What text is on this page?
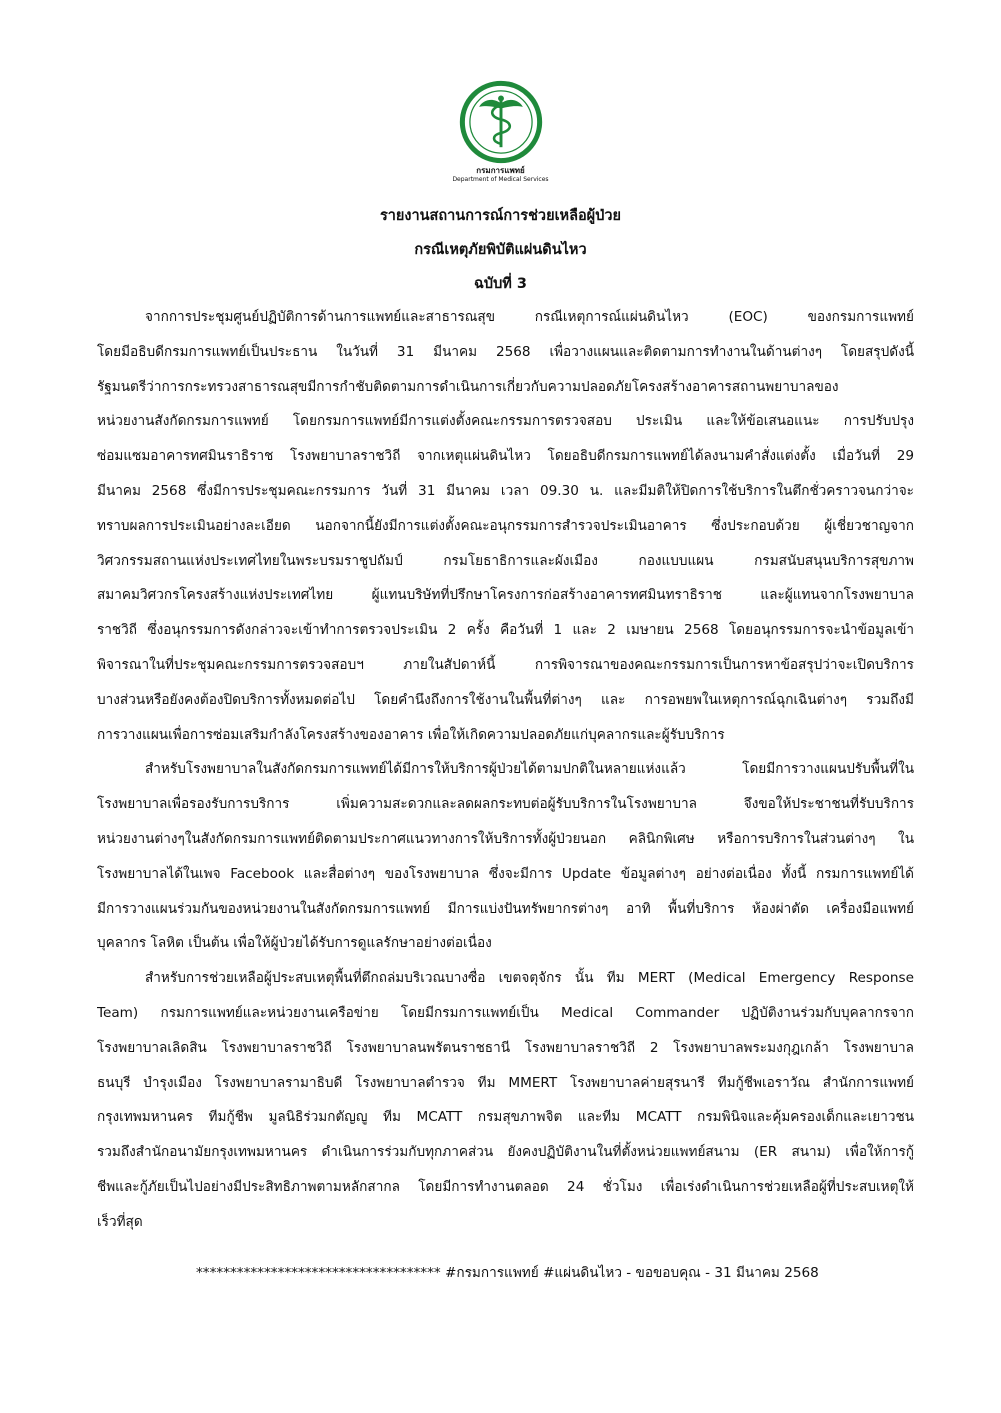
กรมการแพทย์
Department of Medical Services
รายงานสถานการณ์การช่วยเหลือผู้ป่วย
กรณีเหตุภัยพิบัติแผ่นดินไหว
ฉบับที่ 3
จากการประชุมศูนย์ปฏิบัติการด้านการแพทย์และสาธารณสุข กรณีเหตุการณ์แผ่นดินไหว (EOC) ของกรมการแพทย์
โดยมีอธิบดีกรมการแพทย์เป็นประธาน ในวันที่ 31 มีนาคม 2568 เพื่อวางแผนและติดตามการทำงานในด้านต่างๆ โดยสรุปดังนี้
รัฐมนตรีว่าการกระทรวงสาธารณสุขมีการกำชับติดตามการดำเนินการเกี่ยวกับความปลอดภัยโครงสร้างอาคารสถานพยาบาลของ
หน่วยงานสังกัดกรมการแพทย์ โดยกรมการแพทย์มีการแต่งตั้งคณะกรรมการตรวจสอบ ประเมิน และให้ข้อเสนอแนะ การปรับปรุง
ซ่อมแซมอาคารทศมินราธิราช โรงพยาบาลราชวิถี จากเหตุแผ่นดินไหว โดยอธิบดีกรมการแพทย์ได้ลงนามคำสั่งแต่งตั้ง เมื่อวันที่ 29
มีนาคม 2568 ซึ่งมีการประชุมคณะกรรมการ วันที่ 31 มีนาคม เวลา 09.30 น. และมีมติให้ปิดการใช้บริการในตึกชั่วคราวจนกว่าจะ
ทราบผลการประเมินอย่างละเอียด นอกจากนี้ยังมีการแต่งตั้งคณะอนุกรรมการสำรวจประเมินอาคาร ซึ่งประกอบด้วย ผู้เชี่ยวชาญจาก
วิศวกรรมสถานแห่งประเทศไทยในพระบรมราชูปถัมป์ กรมโยธาธิการและผังเมือง กองแบบแผน กรมสนับสนุนบริการสุขภาพ
สมาคมวิศวกรโครงสร้างแห่งประเทศไทย ผู้แทนบริษัทที่ปรึกษาโครงการก่อสร้างอาคารทศมินทราธิราช และผู้แทนจากโรงพยาบาล
ราชวิถี ซึ่งอนุกรรมการดังกล่าวจะเข้าทำการตรวจประเมิน 2 ครั้ง คือวันที่ 1 และ 2 เมษายน 2568 โดยอนุกรรมการจะนำข้อมูลเข้า
พิจารณาในที่ประชุมคณะกรรมการตรวจสอบฯ ภายในสัปดาห์นี้ การพิจารณาของคณะกรรมการเป็นการหาข้อสรุปว่าจะเปิดบริการ
บางส่วนหรือยังคงต้องปิดบริการทั้งหมดต่อไป โดยคำนึงถึงการใช้งานในพื้นที่ต่างๆ และ การอพยพในเหตุการณ์ฉุกเฉินต่างๆ รวมถึงมี
การวางแผนเพื่อการซ่อมเสริมกำลังโครงสร้างของอาคาร เพื่อให้เกิดความปลอดภัยแก่บุคลากรและผู้รับบริการ
สำหรับโรงพยาบาลในสังกัดกรมการแพทย์ได้มีการให้บริการผู้ป่วยได้ตามปกติในหลายแห่งแล้ว โดยมีการวางแผนปรับพื้นที่ใน
โรงพยาบาลเพื่อรองรับการบริการ เพิ่มความสะดวกและลดผลกระทบต่อผู้รับบริการในโรงพยาบาล จึงขอให้ประชาชนที่รับบริการ
หน่วยงานต่างๆในสังกัดกรมการแพทย์ติดตามประกาศแนวทางการให้บริการทั้งผู้ป่วยนอก คลินิกพิเศษ หรือการบริการในส่วนต่างๆ ใน
โรงพยาบาลได้ในเพจ Facebook และสื่อต่างๆ ของโรงพยาบาล ซึ่งจะมีการ Update ข้อมูลต่างๆ อย่างต่อเนื่อง ทั้งนี้ กรมการแพทย์ได้
มีการวางแผนร่วมกันของหน่วยงานในสังกัดกรมการแพทย์ มีการแบ่งปันทรัพยากรต่างๆ อาทิ พื้นที่บริการ ห้องผ่าตัด เครื่องมือแพทย์
บุคลากร โลหิต เป็นต้น เพื่อให้ผู้ป่วยได้รับการดูแลรักษาอย่างต่อเนื่อง
สำหรับการช่วยเหลือผู้ประสบเหตุพื้นที่ตึกถล่มบริเวณบางซื่อ เขตจตุจักร นั้น ทีม MERT (Medical Emergency Response
Team) กรมการแพทย์และหน่วยงานเครือข่าย โดยมีกรมการแพทย์เป็น Medical Commander ปฏิบัติงานร่วมกับบุคลากรจาก
โรงพยาบาลเลิดสิน โรงพยาบาลราชวิถี โรงพยาบาลนพรัตนราชธานี โรงพยาบาลราชวิถี 2 โรงพยาบาลพระมงกุฎเกล้า โรงพยาบาล
ธนบุรี บำรุงเมือง โรงพยาบาลรามาธิบดี โรงพยาบาลตำรวจ ทีม MMERT โรงพยาบาลค่ายสุรนารี ทีมกู้ชีพเอราวัณ สำนักการแพทย์
กรุงเทพมหานคร ทีมกู้ชีพ มูลนิธิร่วมกตัญญู ทีม MCATT กรมสุขภาพจิต และทีม MCATT กรมพินิจและคุ้มครองเด็กและเยาวชน
รวมถึงสำนักอนามัยกรุงเทพมหานคร ดำเนินการร่วมกับทุกภาคส่วน ยังคงปฏิบัติงานในที่ตั้งหน่วยแพทย์สนาม (ER สนาม) เพื่อให้การกู้
ชีพและกู้ภัยเป็นไปอย่างมีประสิทธิภาพตามหลักสากล โดยมีการทำงานตลอด 24 ชั่วโมง เพื่อเร่งดำเนินการช่วยเหลือผู้ที่ประสบเหตุให้
เร็วที่สุด
************************************ #กรมการแพทย์ #แผ่นดินไหว - ขอขอบคุณ - 31 มีนาคม 2568
